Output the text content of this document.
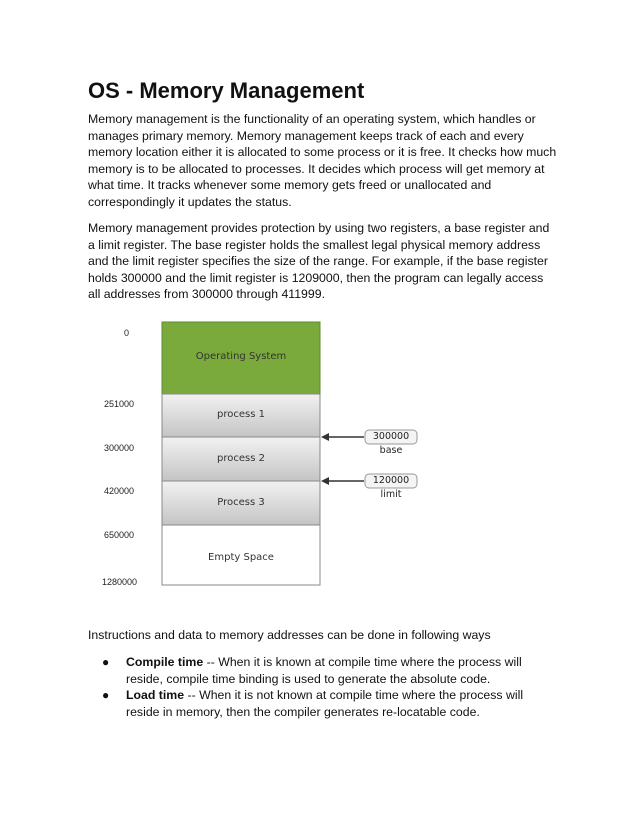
OS - Memory Management

Memory management is the functionality of an operating system, which handles or manages primary memory. Memory management keeps track of each and every memory location either it is allocated to some process or it is free. It checks how much memory is to be allocated to processes. It decides which process will get memory at what time. It tracks whenever some memory gets freed or unallocated and correspondingly it updates the status.

Memory management provides protection by using two registers, a base register and a limit register. The base register holds the smallest legal physical memory address and the limit register specifies the size of the range. For example, if the base register holds 300000 and the limit register is 1209000, then the program can legally access all addresses from 300000 through 411999.

0
251000
300000
420000
650000
1280000
Operating System
process 1
process 2
Process 3
Empty Space
300000
base
120000
limit

Instructions and data to memory addresses can be done in following ways

● Compile time -- When it is known at compile time where the process will reside, compile time binding is used to generate the absolute code.
● Load time -- When it is not known at compile time where the process will reside in memory, then the compiler generates re-locatable code.
